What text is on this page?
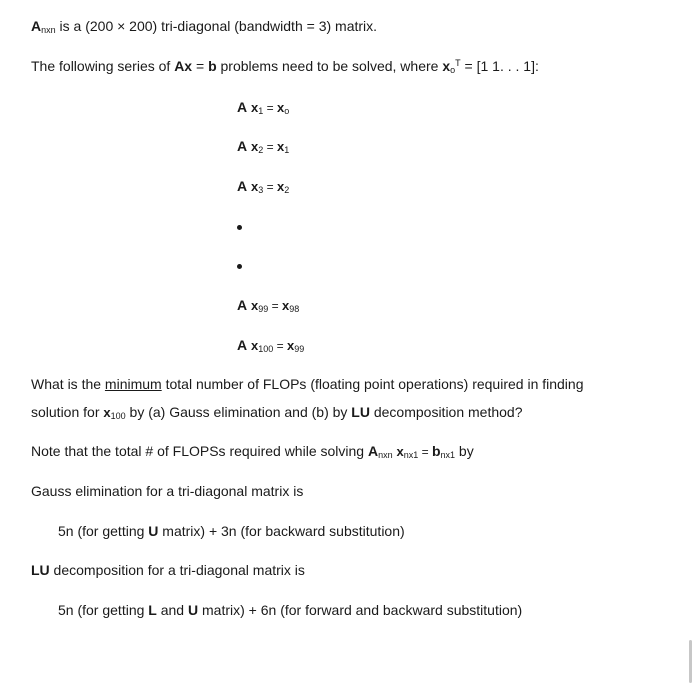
$A_{nxn}$ is a (200 × 200) tri-diagonal (bandwidth = 3) matrix.
The following series of Ax = b problems need to be solved, where $x_o^T = [1$ 1. . . 1]:
A $x_1 = x_o$
A $x_2 = x_1$
A $x_3 = x_2$
A $x_{99} = x_{98}$
A $x_{100} = x_{99}$
What is the minimum total number of FLOPs (floating point operations) required in finding
solution for $x_{100}$ by (a) Gauss elimination and (b) by LU decomposition method?
Note that the total # of FLOPSs required while solving $A_{nxn}$ $x_{nx1} = b_{nx1}$ by
Gauss elimination for a tri-diagonal matrix is
5n (for getting U matrix) + 3n (for backward substitution)
LU decomposition for a tri-diagonal matrix is
5n (for getting L and U matrix) + 6n (for forward and backward substitution)
